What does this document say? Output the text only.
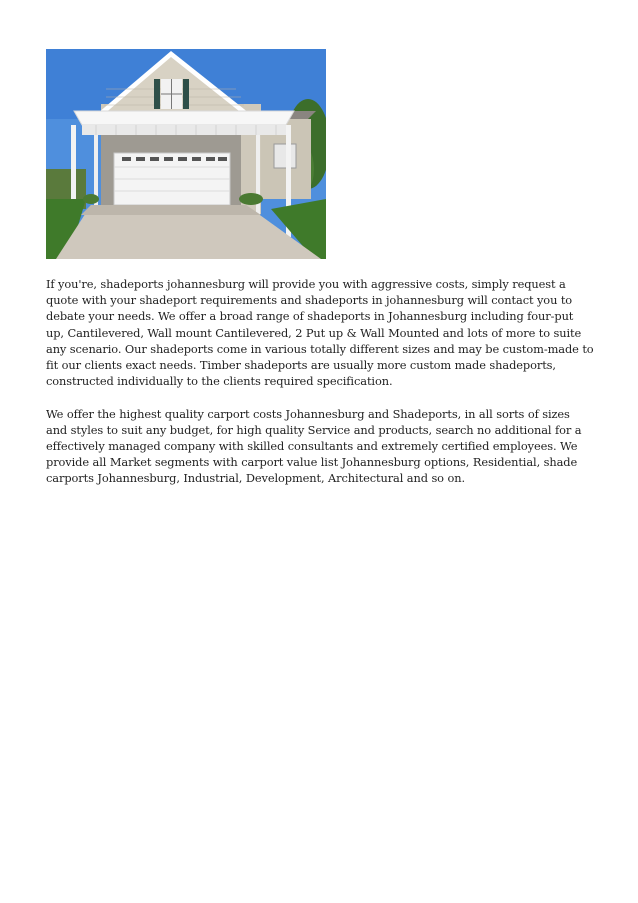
If you're, shadeports johannesburg will provide you with aggressive costs, simply request a quote with your shadeport requirements and shadeports in johannesburg will contact you to debate your needs. We offer a broad range of shadeports in Johannesburg including four-put up, Cantilevered, Wall mount Cantilevered, 2 Put up & Wall Mounted and lots of more to suite any scenario. Our shadeports come in various totally different sizes and may be custom-made to fit our clients exact needs. Timber shadeports are usually more custom made shadeports, constructed individually to the clients required specification.

We offer the highest quality carport costs Johannesburg and Shadeports, in all sorts of sizes and styles to suit any budget, for high quality Service and products, search no additional for a effectively managed company with skilled consultants and extremely certified employees. We provide all Market segments with carport value list Johannesburg options, Residential, shade carports Johannesburg, Industrial, Development, Architectural and so on.
